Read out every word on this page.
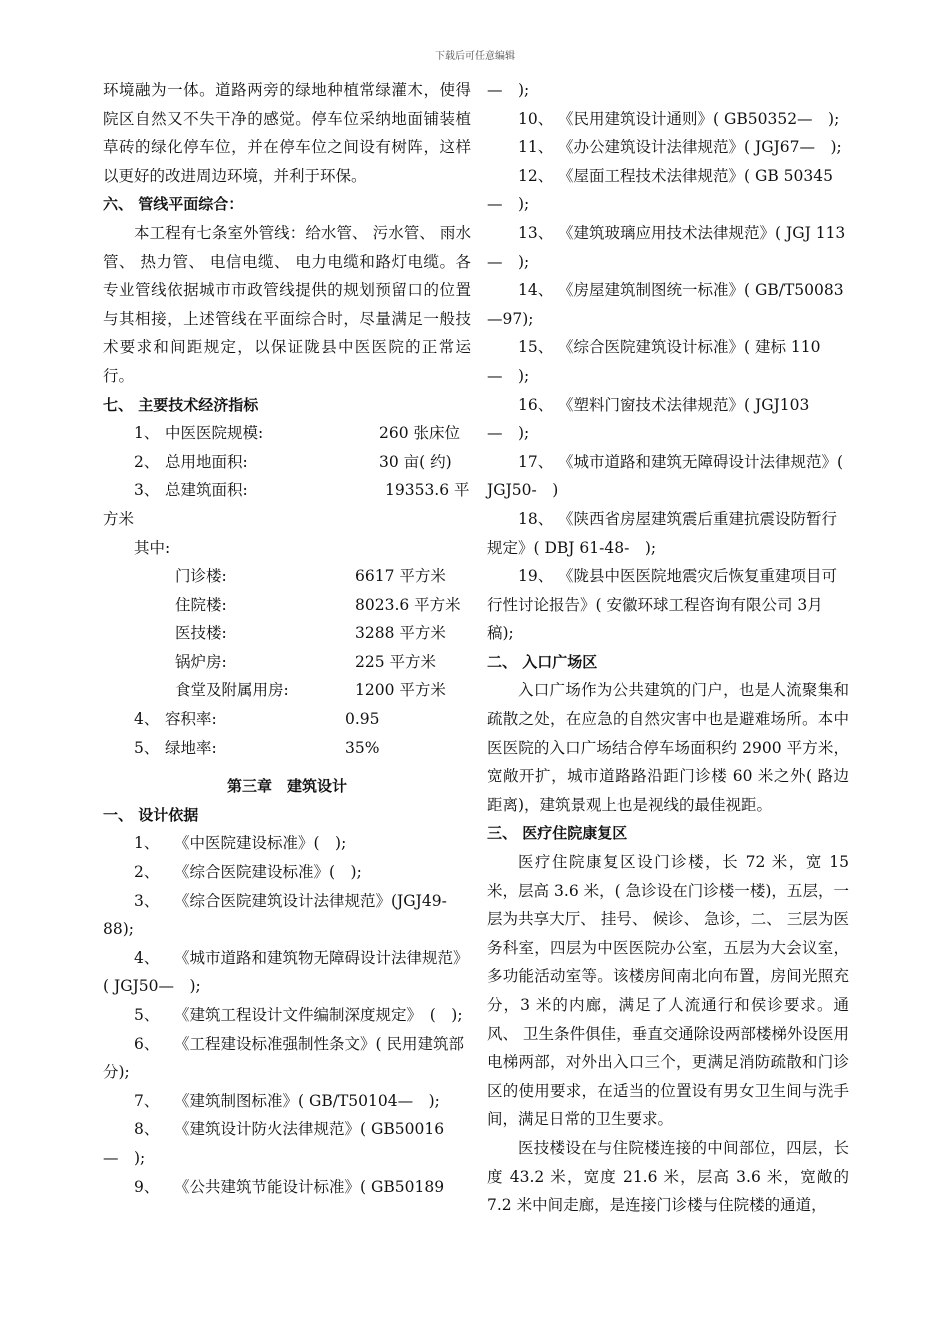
下载后可任意编辑

环境融为一体。道路两旁的绿地种植常绿灌木，使得院区自然又不失干净的感觉。停车位采纳地面铺装植草砖的绿化停车位，并在停车位之间设有树阵，这样以更好的改进周边环境，并利于环保。

六、 管线平面综合：

本工程有七条室外管线：给水管、 污水管、 雨水管、 热力管、 电信电缆、 电力电缆和路灯电缆。各专业管线依据城市市政管线提供的规划预留口的位置与其相接，上述管线在平面综合时，尽量满足一般技术要求和间距规定，以保证陇县中医医院的正常运行。

七、 主要技术经济指标

1、 中医医院规模:	260 张床位
2、 总用地面积:	30 亩( 约)
3、 总建筑面积:	19353.6 平

方米

其中:

门诊楼:	6617 平方米
住院楼:	8023.6 平方米
医技楼:	3288 平方米
锅炉房:	225 平方米
食堂及附属用房:	1200 平方米
4、 容积率:	0.95
5、 绿地率:	35%

第三章　建筑设计

一、 设计依据

1、 《中医院建设标准》(　);

2、 《综合医院建设标准》(　);

3、 《综合医院建筑设计法律规范》(JGJ49-88);

4、 《城市道路和建筑物无障碍设计法律规范》( JGJ50—　);

5、 《建筑工程设计文件编制深度规定》　(　);

6、 《工程建设标准强制性条文》( 民用建筑部分);

7、 《建筑制图标准》( GB/T50104—　);

8、 《建筑设计防火法律规范》( GB50016—　);

9、 《公共建筑节能设计标准》( GB50189

—　);

10、 《民用建筑设计通则》( GB50352—　);

11、 《办公建筑设计法律规范》( JGJ67—　);

12、 《屋面工程技术法律规范》( GB 50345—　);

13、 《建筑玻璃应用技术法律规范》( JGJ 113—　);

14、 《房屋建筑制图统一标准》( GB/T50083—97);

15、 《综合医院建筑设计标准》( 建标 110—　);

16、 《塑料门窗技术法律规范》( JGJ103—　);

17、 《城市道路和建筑无障碍设计法律规范》( JGJ50-　)

18、 《陕西省房屋建筑震后重建抗震设防暂行规定》( DBJ 61-48-　);

19、 《陇县中医医院地震灾后恢复重建项目可行性讨论报告》( 安徽环球工程咨询有限公司 3月稿);

二、 入口广场区

入口广场作为公共建筑的门户，也是人流聚集和疏散之处，在应急的自然灾害中也是避难场所。本中医医院的入口广场结合停车场面积约 2900 平方米，宽敞开扩，城市道路路沿距门诊楼 60 米之外( 路边距离)，建筑景观上也是视线的最佳视距。

三、 医疗住院康复区

医疗住院康复区设门诊楼，长 72 米，宽 15 米，层高 3.6 米，( 急诊设在门诊楼一楼)，五层，一层为共享大厅、 挂号、 候诊、 急诊，二、 三层为医务科室，四层为中医医院办公室，五层为大会议室，多功能活动室等。该楼房间南北向布置，房间光照充分，3 米的内廊，满足了人流通行和侯诊要求。通风、 卫生条件俱佳，垂直交通除设两部楼梯外设医用电梯两部，对外出入口三个，更满足消防疏散和门诊区的使用要求，在适当的位置设有男女卫生间与洗手间，满足日常的卫生要求。

医技楼设在与住院楼连接的中间部位，四层，长度 43.2 米，宽度 21.6 米，层高 3.6 米，宽敞的 7.2 米中间走廊，是连接门诊楼与住院楼的通道，
